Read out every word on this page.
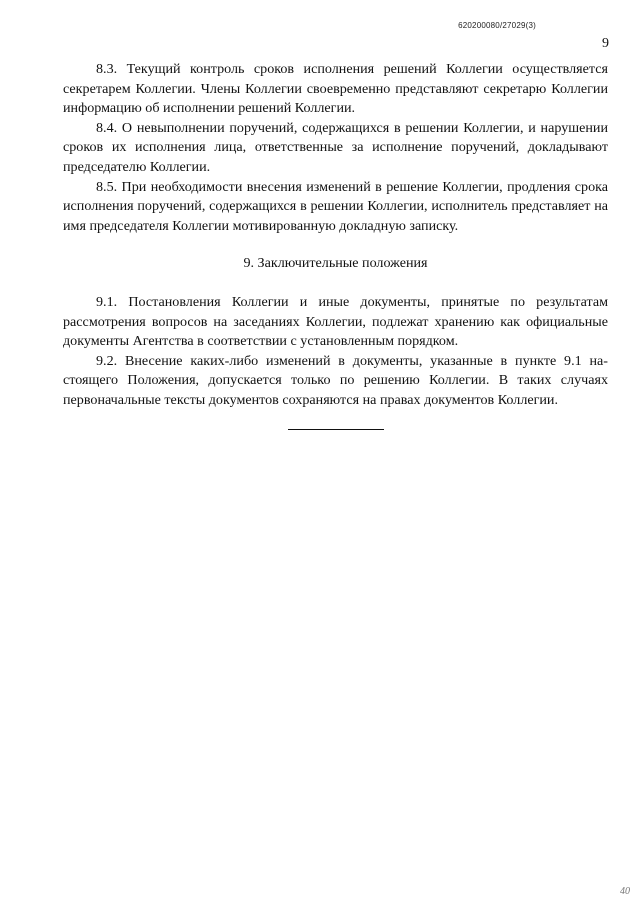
620200080/27029(3)
9

8.3. Текущий контроль сроков исполнения решений Коллегии осуществляется секретарем Коллегии. Члены Коллегии своевременно представляют секретарю Коллегии информацию об исполнении решений Коллегии.

8.4. О невыполнении поручений, содержащихся в решении Коллегии, и нарушении сроков их исполнения лица, ответственные за исполнение поручений, докладывают председателю Коллегии.

8.5. При необходимости внесения изменений в решение Коллегии, продления срока исполнения поручений, содержащихся в решении Коллегии, исполнитель представляет на имя председателя Коллегии мотивированную докладную записку.

9. Заключительные положения

9.1. Постановления Коллегии и иные документы, принятые по результатам рассмотрения вопросов на заседаниях Коллегии, подлежат хранению как официальные документы Агентства в соответствии с установленным порядком.

9.2. Внесение каких-либо изменений в документы, указанные в пункте 9.1 настоящего Положения, допускается только по решению Коллегии. В таких случаях первоначальные тексты документов сохраняются на правах документов Коллегии.

40
